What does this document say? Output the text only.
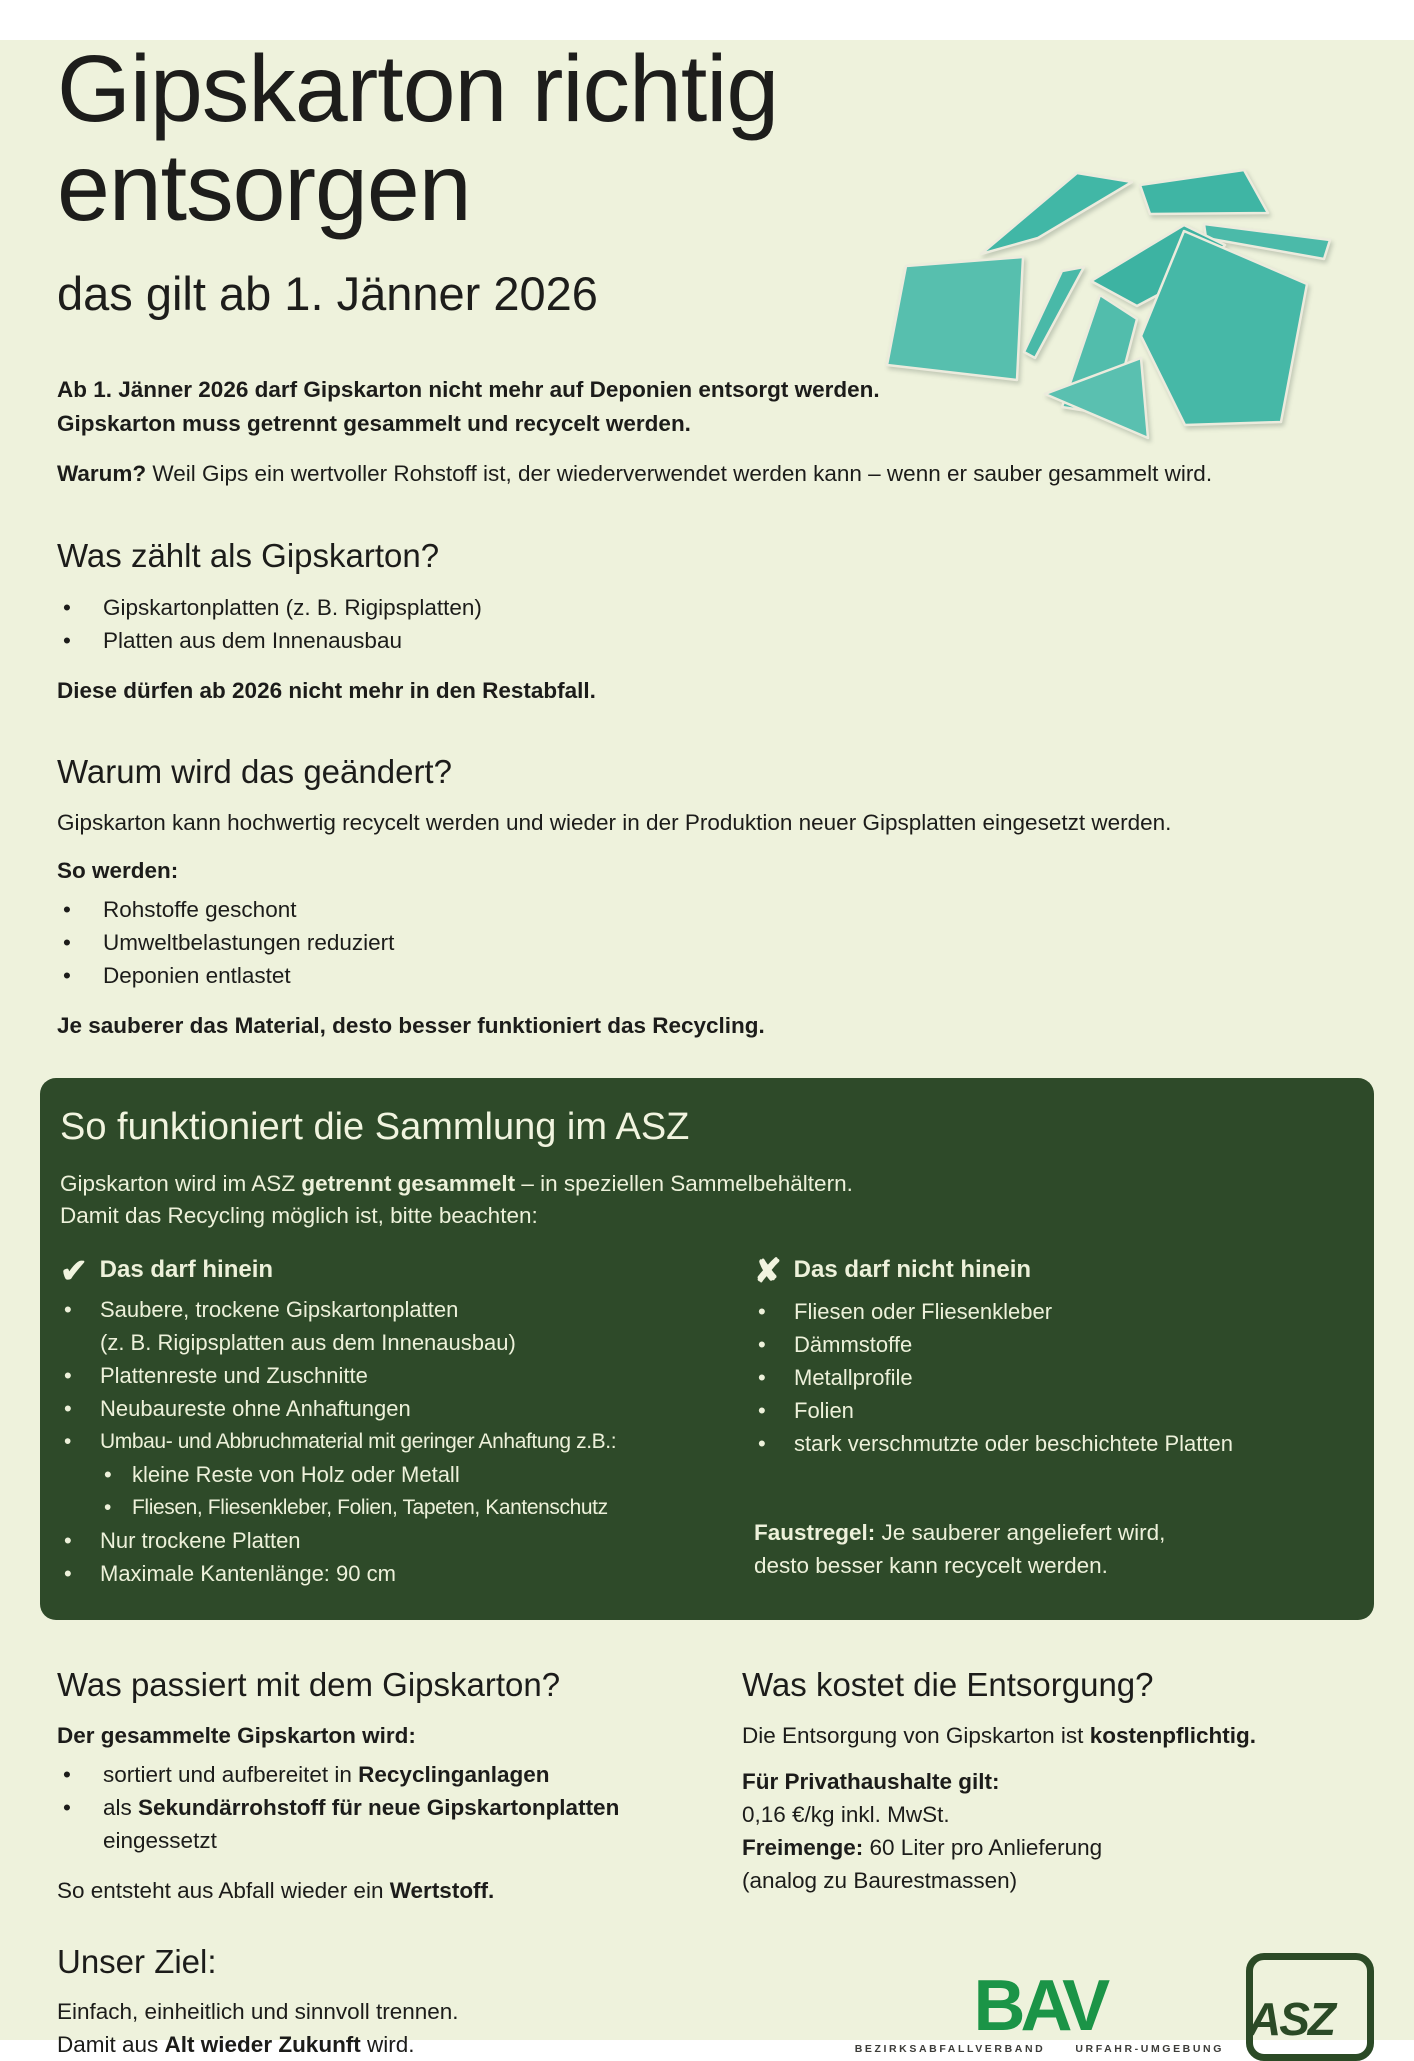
Gipskarton richtig
entsorgen
das gilt ab 1. Jänner 2026

Ab 1. Jänner 2026 darf Gipskarton nicht mehr auf Deponien entsorgt werden.

Gipskarton muss getrennt gesammelt und recycelt werden.

Warum? Weil Gips ein wertvoller Rohstoff ist, der wiederverwendet werden kann – wenn er sauber gesammelt wird.

Was zählt als Gipskarton?
• Gipskartonplatten (z. B. Rigipsplatten)
• Platten aus dem Innenausbau

Diese dürfen ab 2026 nicht mehr in den Restabfall.

Warum wird das geändert?

Gipskarton kann hochwertig recycelt werden und wieder in der Produktion neuer Gipsplatten eingesetzt werden.

So werden:

• Rohstoffe geschont
• Umweltbelastungen reduziert
• Deponien entlastet

Je sauberer das Material, desto besser funktioniert das Recycling.

So funktioniert die Sammlung im ASZ

Gipskarton wird im ASZ getrennt gesammelt – in speziellen Sammelbehältern.

Damit das Recycling möglich ist, bitte beachten:

✔ Das darf hinein
• Saubere, trockene Gipskartonplatten
(z. B. Rigipsplatten aus dem Innenausbau)
• Plattenreste und Zuschnitte
• Neubaureste ohne Anhaftungen
• Umbau- und Abbruchmaterial mit geringer Anhaftung z.B.:
• kleine Reste von Holz oder Metall
• Fliesen, Fliesenkleber, Folien, Tapeten, Kantenschutz
• Nur trockene Platten
• Maximale Kantenlänge: 90 cm
✘ Das darf nicht hinein
• Fliesen oder Fliesenkleber
• Dämmstoffe
• Metallprofile
• Folien
• stark verschmutzte oder beschichtete Platten

Faustregel: Je sauberer angeliefert wird,
desto besser kann recycelt werden.

Was passiert mit dem Gipskarton?

Der gesammelte Gipskarton wird:

• sortiert und aufbereitet in Recyclinganlagen
• als Sekundärrohstoff für neue Gipskartonplatten eingessetzt

So entsteht aus Abfall wieder ein Wertstoff.

Was kostet die Entsorgung?

Die Entsorgung von Gipskarton ist kostenpflichtig.

Für Privathaushalte gilt:

0,16 €/kg inkl. MwSt.

Freimenge: 60 Liter pro Anlieferung

(analog zu Baurestmassen)

Unser Ziel:

Einfach, einheitlich und sinnvoll trennen.

Damit aus Alt wieder Zukunft wird.	BAV
BEZIRKSABFALLVERBAND	URFAHR-UMGEBUNG
ASZ
